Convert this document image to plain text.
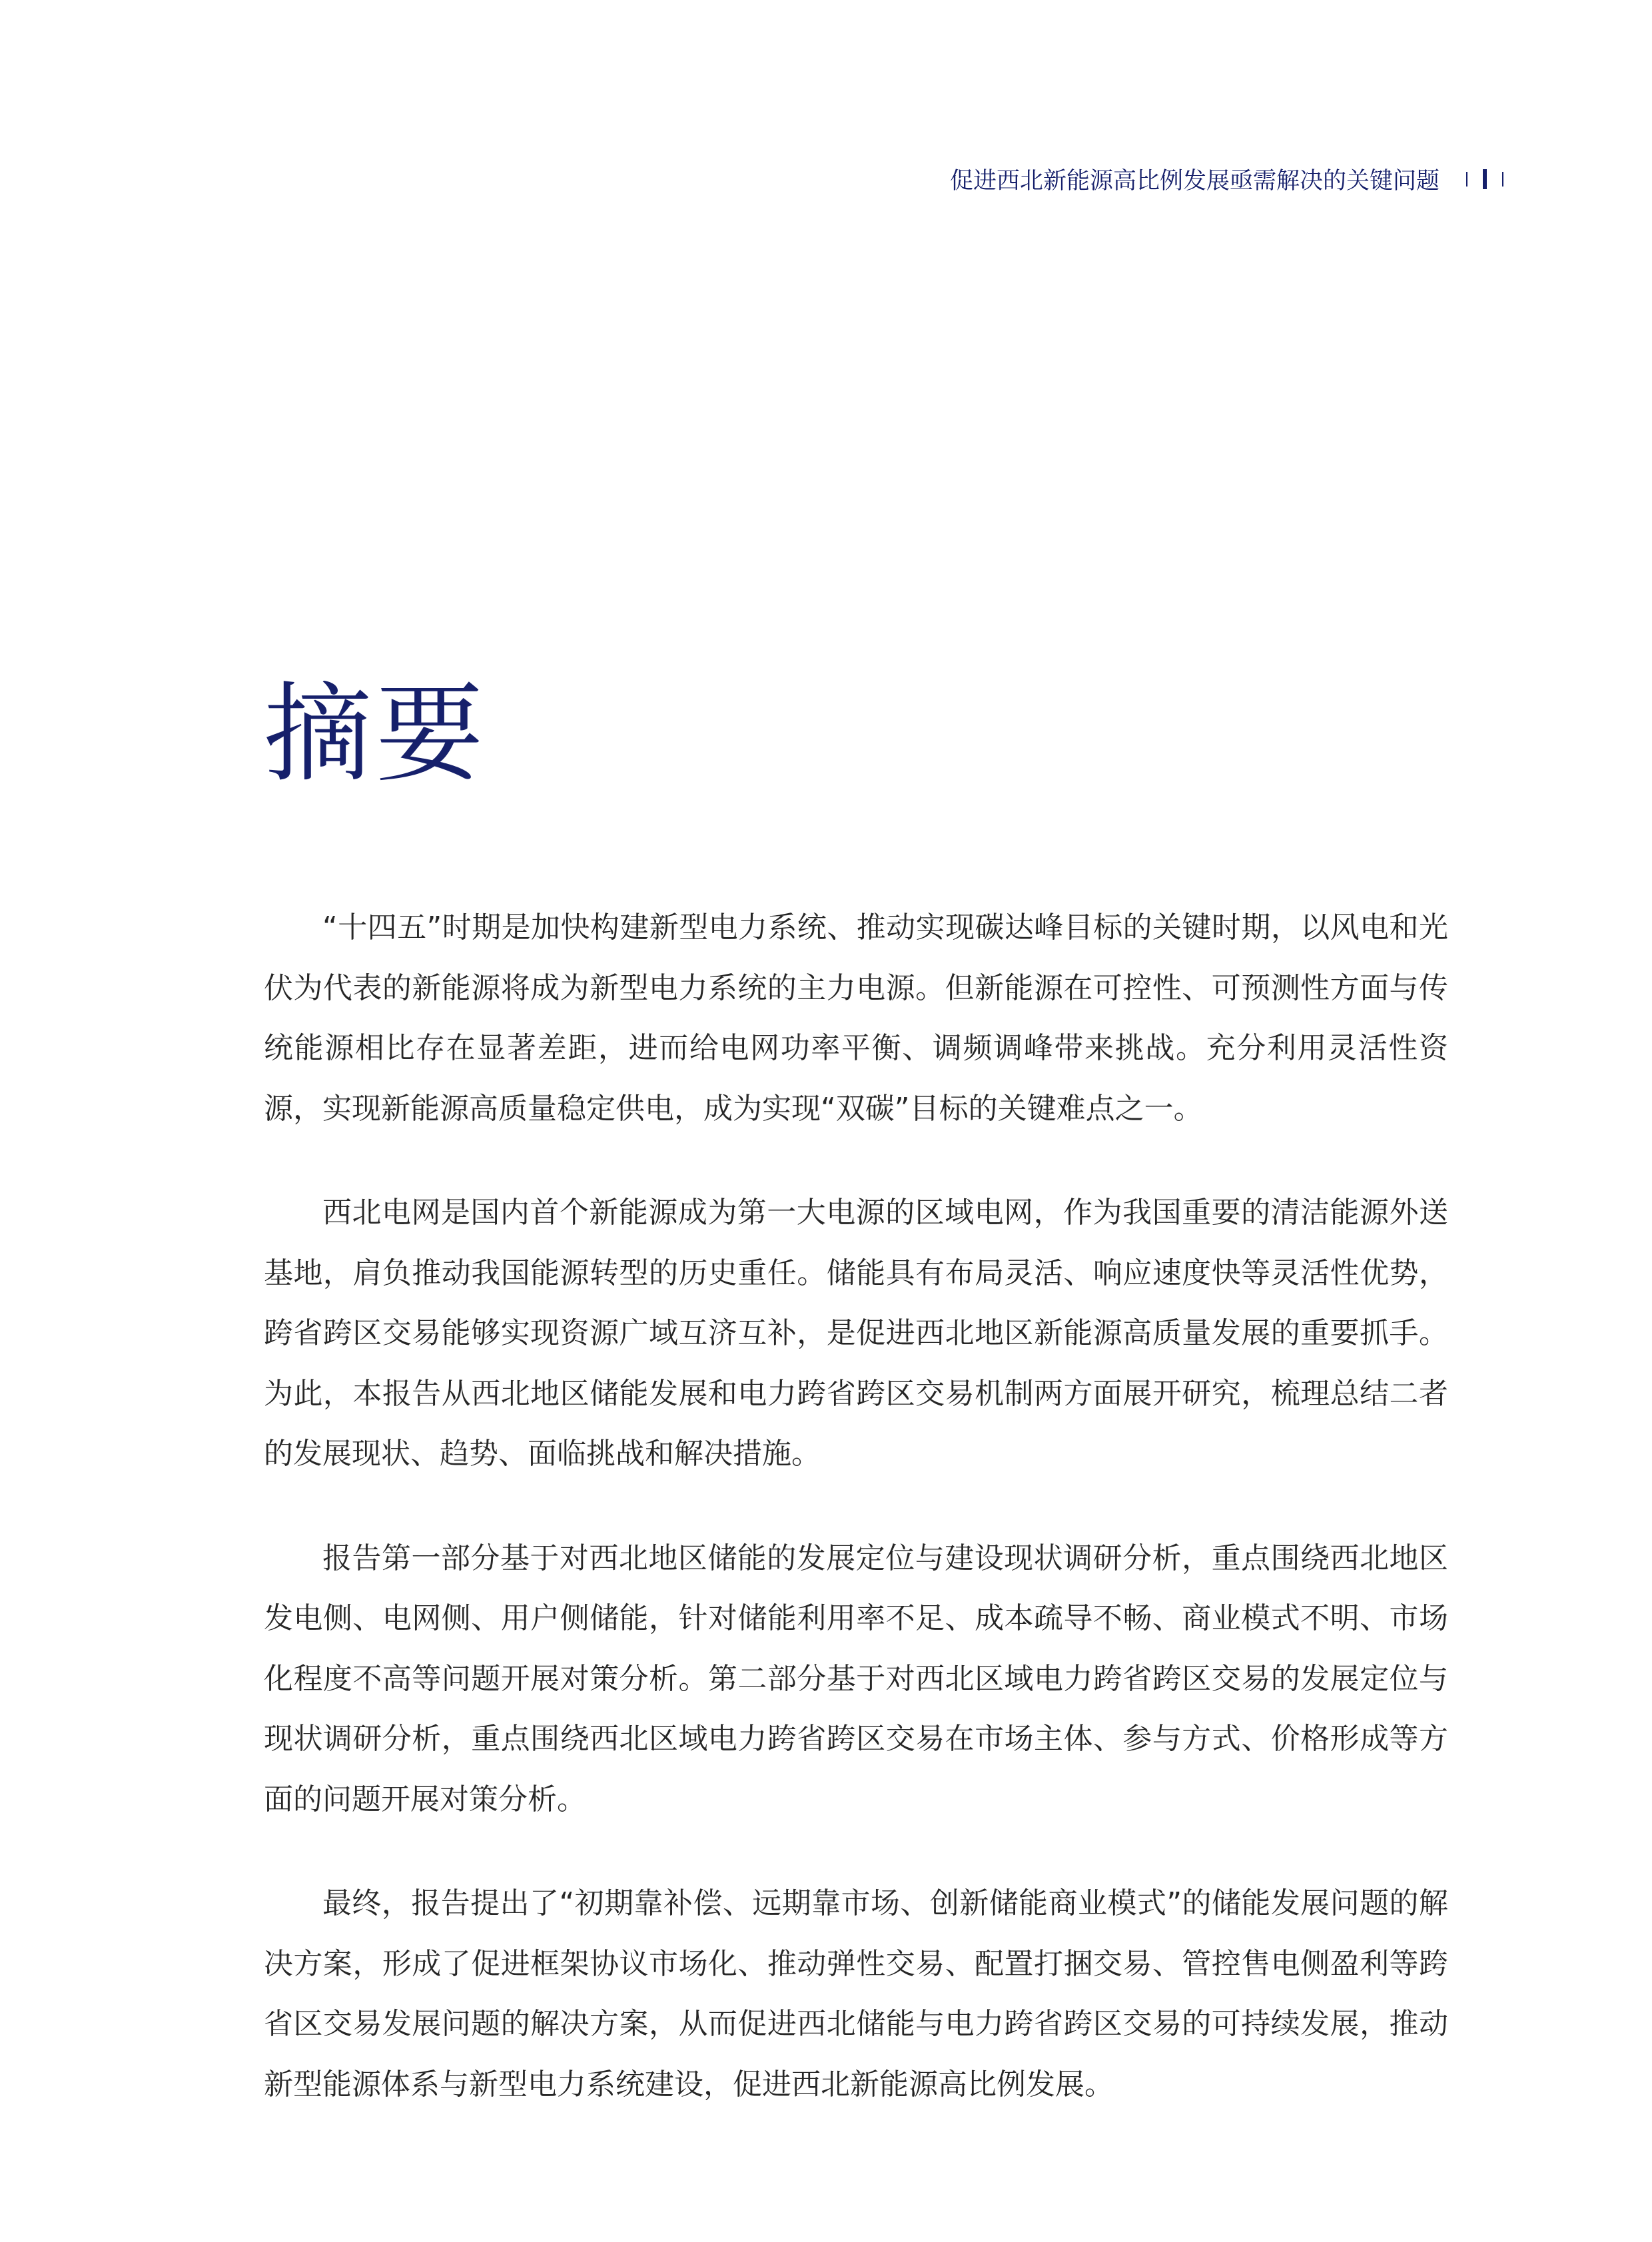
促进西北新能源高比例发展亟需解决的关键问题
摘要

“十四五”时期是加快构建新型电力系统、推动实现碳达峰目标的关键时期，以风电和光伏为代表的新能源将成为新型电力系统的主力电源。但新能源在可控性、可预测性方面与传统能源相比存在显著差距，进而给电网功率平衡、调频调峰带来挑战。充分利用灵活性资源，实现新能源高质量稳定供电，成为实现“双碳”目标的关键难点之一。

西北电网是国内首个新能源成为第一大电源的区域电网，作为我国重要的清洁能源外送基地，肩负推动我国能源转型的历史重任。储能具有布局灵活、响应速度快等灵活性优势，跨省跨区交易能够实现资源广域互济互补，是促进西北地区新能源高质量发展的重要抓手。为此，本报告从西北地区储能发展和电力跨省跨区交易机制两方面展开研究，梳理总结二者的发展现状、趋势、面临挑战和解决措施。

报告第一部分基于对西北地区储能的发展定位与建设现状调研分析，重点围绕西北地区发电侧、电网侧、用户侧储能，针对储能利用率不足、成本疏导不畅、商业模式不明、市场化程度不高等问题开展对策分析。第二部分基于对西北区域电力跨省跨区交易的发展定位与现状调研分析，重点围绕西北区域电力跨省跨区交易在市场主体、参与方式、价格形成等方面的问题开展对策分析。

最终，报告提出了“初期靠补偿、远期靠市场、创新储能商业模式”的储能发展问题的解决方案，形成了促进框架协议市场化、推动弹性交易、配置打捆交易、管控售电侧盈利等跨省区交易发展问题的解决方案，从而促进西北储能与电力跨省跨区交易的可持续发展，推动新型能源体系与新型电力系统建设，促进西北新能源高比例发展。
